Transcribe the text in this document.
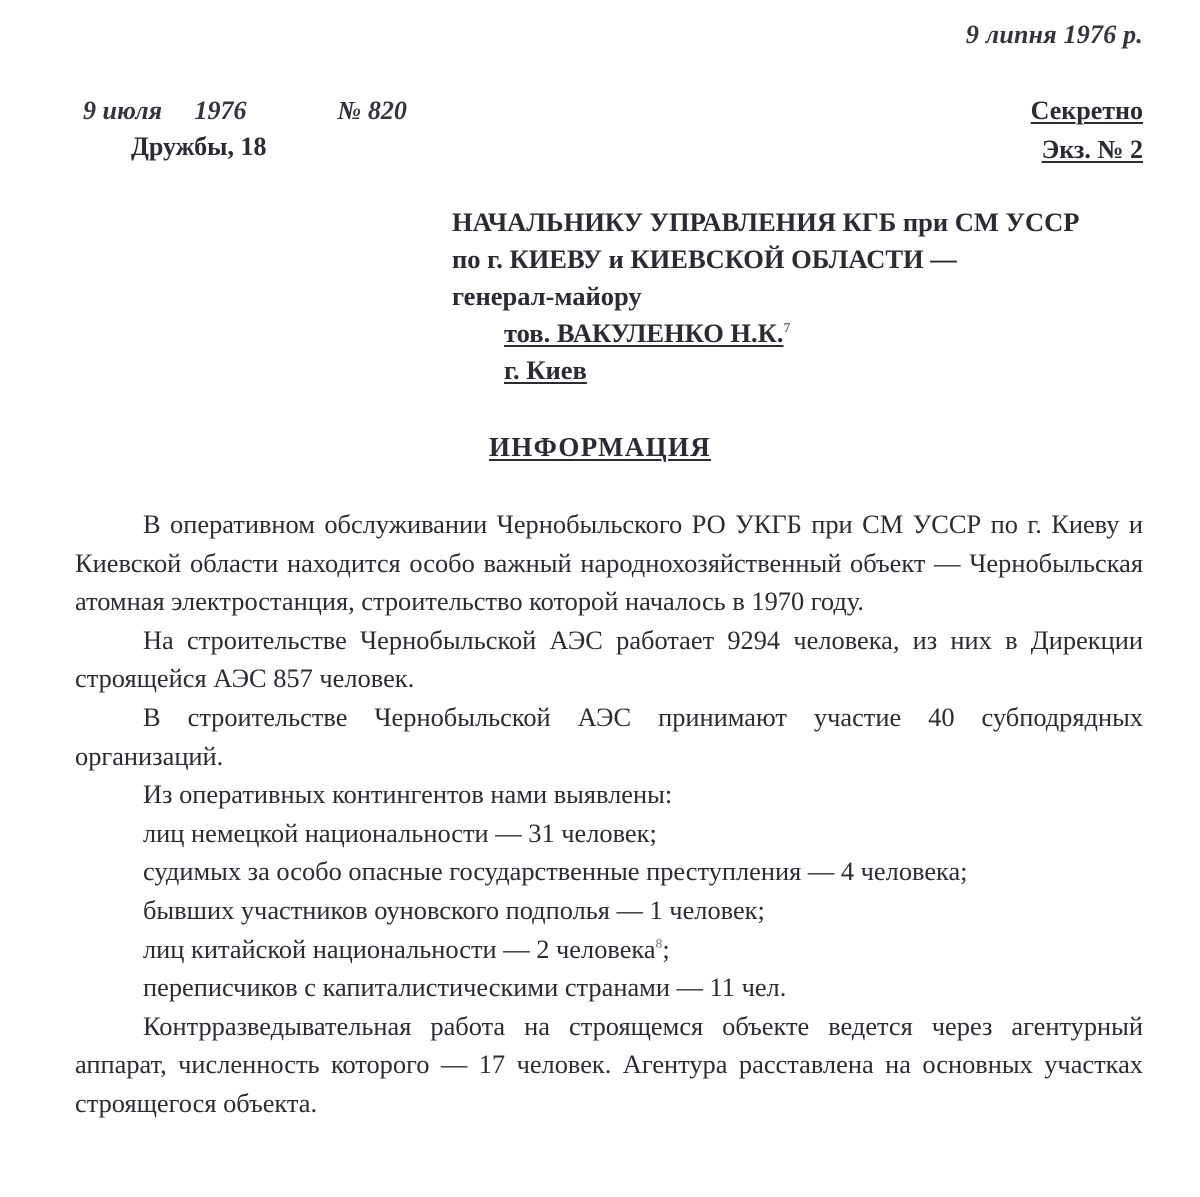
9 липня 1976 р.
9 июля     1976              № 820
Дружбы, 18
Секретно
Экз. № 2
НАЧАЛЬНИКУ УПРАВЛЕНИЯ КГБ при СМ УССР
по г. КИЕВУ и КИЕВСКОЙ ОБЛАСТИ —
генерал-майору
тов. ВАКУЛЕНКО Н.К.$^7$
г. Киев
ИНФОРМАЦИЯ

В оперативном обслуживании Чернобыльского РО УКГБ при СМ УССР по г. Киеву и Киевской области находится особо важный народнохозяйственный объект — Чернобыльская атомная электростанция, строительство которой началось в 1970 году.

На строительстве Чернобыльской АЭС работает 9294 человека, из них в Дирекции строящейся АЭС 857 человек.

В строительстве Чернобыльской АЭС принимают участие 40 субподрядных организаций.

Из оперативных контингентов нами выявлены:

лиц немецкой национальности — 31 человек;

судимых за особо опасные государственные преступления — 4 человека;

бывших участников оуновского подполья — 1 человек;

лиц китайской национальности — 2 человека$^8$;

переписчиков с капиталистическими странами — 11 чел.

Контрразведывательная работа на строящемся объекте ведется через агентурный аппарат, численность которого — 17 человек. Агентура расставлена на основных участках строящегося объекта.
